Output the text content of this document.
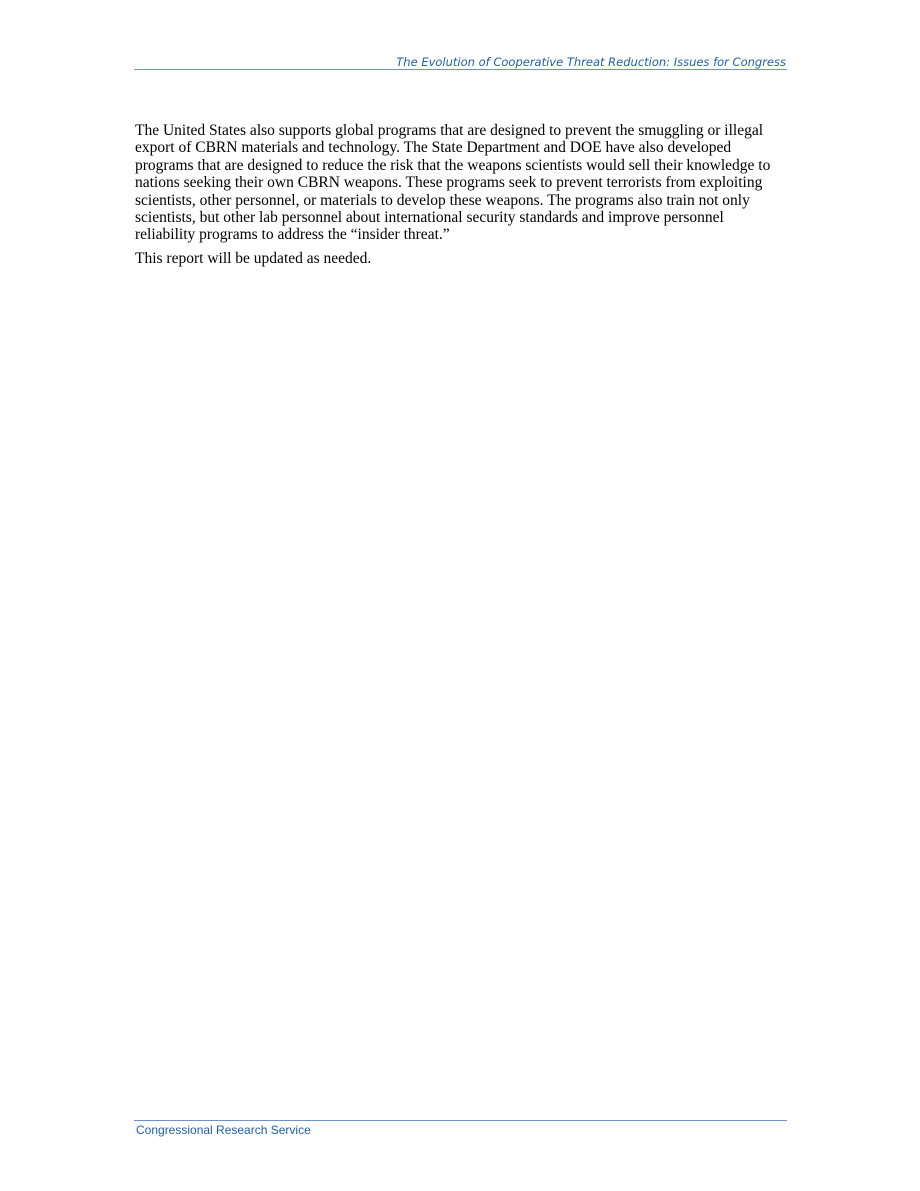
The Evolution of Cooperative Threat Reduction: Issues for Congress

The United States also supports global programs that are designed to prevent the smuggling or illegal export of CBRN materials and technology. The State Department and DOE have also developed programs that are designed to reduce the risk that the weapons scientists would sell their knowledge to nations seeking their own CBRN weapons. These programs seek to prevent terrorists from exploiting scientists, other personnel, or materials to develop these weapons. The programs also train not only scientists, but other lab personnel about international security standards and improve personnel reliability programs to address the “insider threat.”

This report will be updated as needed.

Congressional Research Service
